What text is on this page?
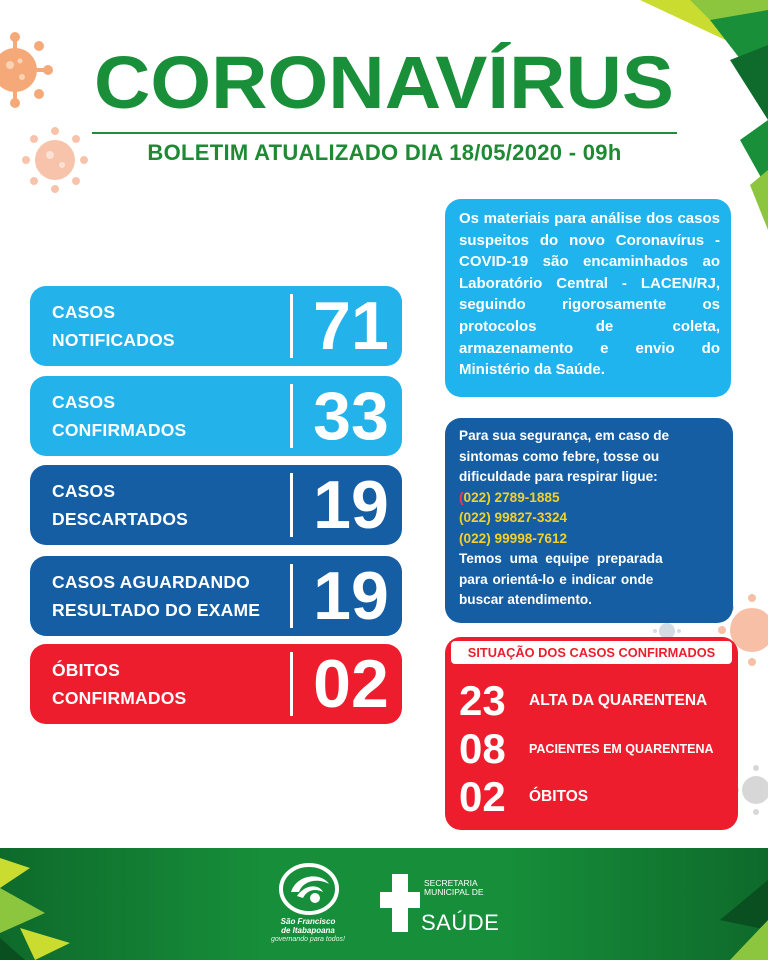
CORONAVÍRUS
BOLETIM ATUALIZADO DIA 18/05/2020 - 09h
CASOS
NOTIFICADOS 71
CASOS
CONFIRMADOS 33
CASOS
DESCARTADOS 19
CASOS AGUARDANDO
RESULTADO DO EXAME 19
ÓBITOS
CONFIRMADOS 02

Os materiais para análise dos casos suspeitos do novo Coronavírus - COVID-19 são encaminhados ao Laboratório Central - LACEN/RJ, seguindo rigorosamente os protocolos de coleta, armazenamento e envio do Ministério da Saúde.

Para sua segurança, em caso de
sintomas como febre, tosse ou
dificuldade para respirar ligue:
(022) 2789-1885
(022) 99827-3324
(022) 99998-7612
Temos uma equipe preparada
para orientá-lo e indicar onde
buscar atendimento.
SITUAÇÃO DOS CASOS CONFIRMADOS
23	ALTA DA QUARENTENA
08	PACIENTES EM QUARENTENA
02	ÓBITOS
São Francisco
de Itabapoana
governando para todos!
SECRETARIA
MUNICIPAL DE
SAÚDE
